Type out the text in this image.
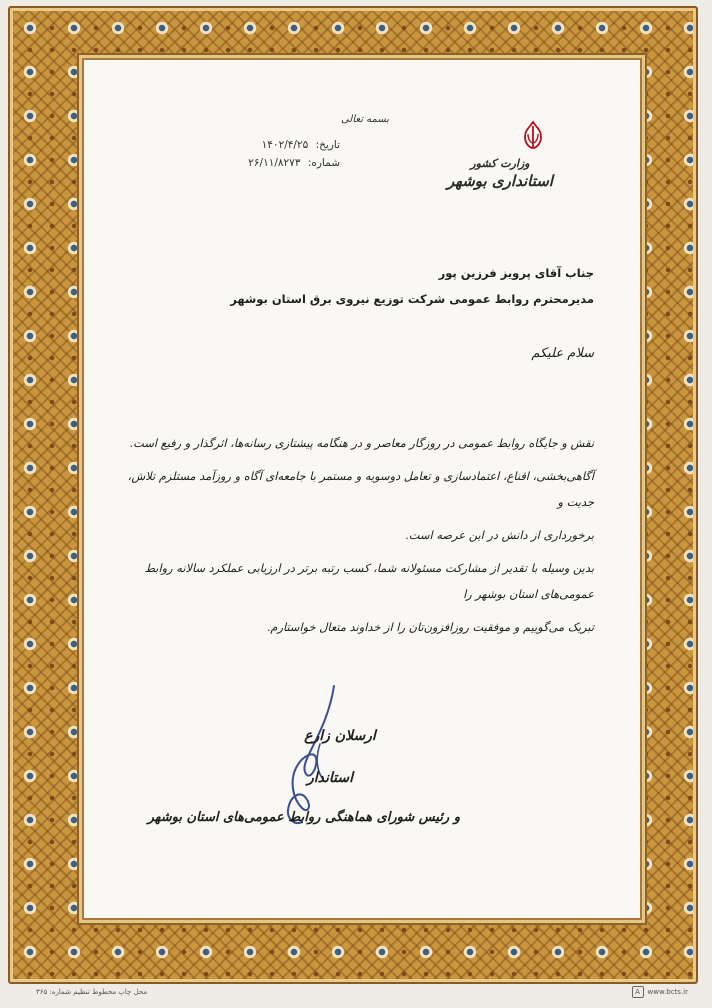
وزارت کشور
استانداری بوشهر
بسمه تعالی
تاریخ: ۱۴۰۲/۴/۲۵
شماره: ۲۶/۱۱/۸۲۷۳
جناب آقای پرویز فرزین پور
مدیرمحترم روابط عمومی شرکت توزیع نیروی برق استان بوشهر
سلام علیکم

نقش و جایگاه روابط عمومی در روزگار معاصر و در هنگامه پیشتازی رسانه‌ها، اثرگذار و رفیع است.

آگاهی‌بخشی، اقناع، اعتمادسازی و تعامل دوسویه و مستمر با جامعه‌ای آگاه و روزآمد مستلزم تلاش، جدیت و

برخورداری از دانش در این عرصه است.

بدین وسیله با تقدیر از مشارکت مسئولانه شما، کسب رتبه برتر در ارزیابی عملکرد سالانه روابط عمومی‌های استان بوشهر را

تبریک می‌گوییم و موفقیت روزافزون‌تان را از خداوند متعال خواستارم.

ارسلان زارع
استاندار
و رئیس شورای هماهنگی روابط عمومی‌های استان بوشهر
محل چاپ مخطوط تنظیم شماره: ۳۶۵	www.bcts.ir
A
